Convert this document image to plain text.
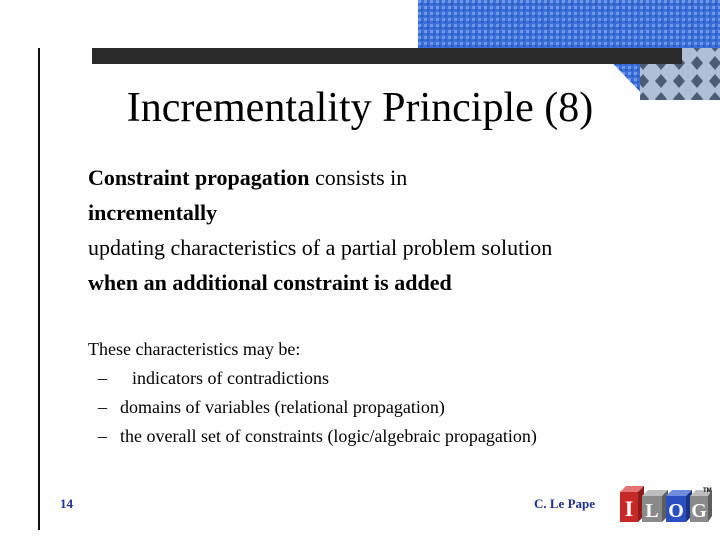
Incrementality Principle (8)
Constraint propagation consists in
incrementally
updating characteristics of a partial problem solution
when an additional constraint is added
These characteristics may be:
– indicators of contradictions
– domains of variables (relational propagation)
– the overall set of constraints (logic/algebraic propagation)
14	C. Le Pape I L O G
TM
